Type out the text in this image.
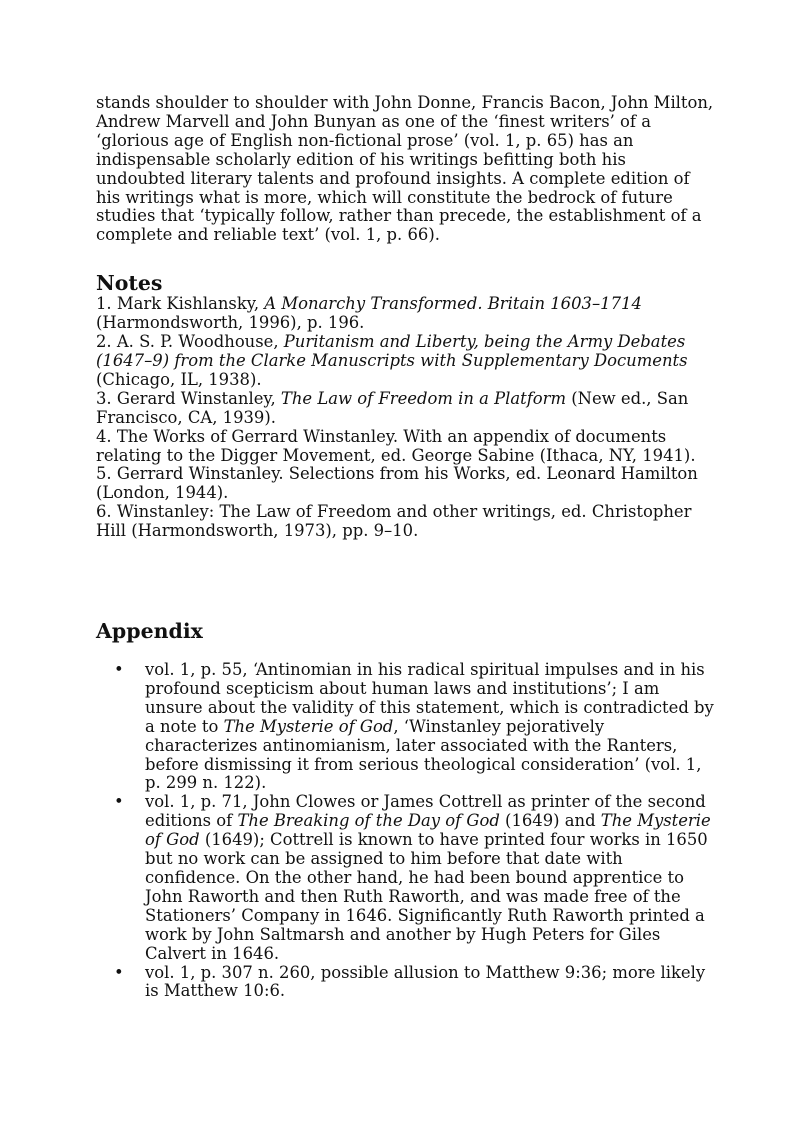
stands shoulder to shoulder with John Donne, Francis Bacon, John Milton, Andrew Marvell and John Bunyan as one of the ‘finest writers’ of a ‘glorious age of English non-fictional prose’ (vol. 1, p. 65) has an indispensable scholarly edition of his writings befitting both his undoubted literary talents and profound insights. A complete edition of his writings what is more, which will constitute the bedrock of future studies that ‘typically follow, rather than precede, the establishment of a complete and reliable text’ (vol. 1, p. 66).

Notes

1. Mark Kishlansky, A Monarchy Transformed. Britain 1603–1714 (Harmondsworth, 1996), p. 196.

2. A. S. P. Woodhouse, Puritanism and Liberty, being the Army Debates (1647–9) from the Clarke Manuscripts with Supplementary Documents (Chicago, IL, 1938).

3. Gerard Winstanley, The Law of Freedom in a Platform (New ed., San Francisco, CA, 1939).

4. The Works of Gerrard Winstanley. With an appendix of documents relating to the Digger Movement, ed. George Sabine (Ithaca, NY, 1941).

5. Gerrard Winstanley. Selections from his Works, ed. Leonard Hamilton (London, 1944).

6. Winstanley: The Law of Freedom and other writings, ed. Christopher Hill (Harmondsworth, 1973), pp. 9–10.

Appendix
• vol. 1, p. 55, ‘Antinomian in his radical spiritual impulses and in his profound scepticism about human laws and institutions’; I am unsure about the validity of this statement, which is contradicted by a note to The Mysterie of God, ‘Winstanley pejoratively characterizes antinomianism, later associated with the Ranters, before dismissing it from serious theological consideration’ (vol. 1, p. 299 n. 122).
• vol. 1, p. 71, John Clowes or James Cottrell as printer of the second editions of The Breaking of the Day of God (1649) and The Mysterie of God (1649); Cottrell is known to have printed four works in 1650 but no work can be assigned to him before that date with confidence. On the other hand, he had been bound apprentice to John Raworth and then Ruth Raworth, and was made free of the Stationers’ Company in 1646. Significantly Ruth Raworth printed a work by John Saltmarsh and another by Hugh Peters for Giles Calvert in 1646.
• vol. 1, p. 307 n. 260, possible allusion to Matthew 9:36; more likely is Matthew 10:6.
